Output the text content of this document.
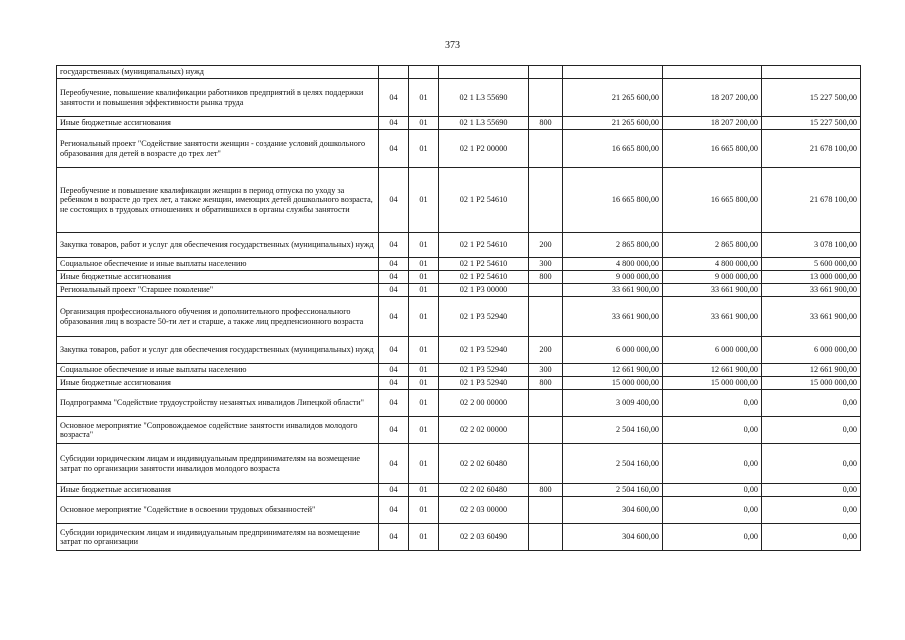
373
государственных (муниципальных) нужд							
Переобучение, повышение квалификации работников предприятий в целях поддержки занятости и повышения эффективности рынка труда	04	01	02 1 L3 55690		21 265 600,00	18 207 200,00	15 227 500,00
Иные бюджетные ассигнования	04	01	02 1 L3 55690	800	21 265 600,00	18 207 200,00	15 227 500,00
Региональный проект "Содействие занятости женщин - создание условий дошкольного образования для детей в возрасте до трех лет"	04	01	02 1 P2 00000		16 665 800,00	16 665 800,00	21 678 100,00
Переобучение и повышение квалификации женщин в период отпуска по уходу за ребенком в возрасте до трех лет, а также женщин, имеющих детей дошкольного возраста, не состоящих в трудовых отношениях и обратившихся в органы службы занятости	04	01	02 1 P2 54610		16 665 800,00	16 665 800,00	21 678 100,00
Закупка товаров, работ и услуг для обеспечения государственных (муниципальных) нужд	04	01	02 1 P2 54610	200	2 865 800,00	2 865 800,00	3 078 100,00
Социальное обеспечение и иные выплаты населению	04	01	02 1 P2 54610	300	4 800 000,00	4 800 000,00	5 600 000,00
Иные бюджетные ассигнования	04	01	02 1 P2 54610	800	9 000 000,00	9 000 000,00	13 000 000,00
Региональный проект "Старшее поколение"	04	01	02 1 P3 00000		33 661 900,00	33 661 900,00	33 661 900,00
Организация профессионального обучения и дополнительного профессионального образования лиц в возрасте 50-ти лет и старше, а также лиц предпенсионного возраста	04	01	02 1 P3 52940		33 661 900,00	33 661 900,00	33 661 900,00
Закупка товаров, работ и услуг для обеспечения государственных (муниципальных) нужд	04	01	02 1 P3 52940	200	6 000 000,00	6 000 000,00	6 000 000,00
Социальное обеспечение и иные выплаты населению	04	01	02 1 P3 52940	300	12 661 900,00	12 661 900,00	12 661 900,00
Иные бюджетные ассигнования	04	01	02 1 P3 52940	800	15 000 000,00	15 000 000,00	15 000 000,00
Подпрограмма "Содействие трудоустройству незанятых инвалидов Липецкой области"	04	01	02 2 00 00000		3 009 400,00	0,00	0,00
Основное мероприятие "Сопровождаемое содействие занятости инвалидов молодого возраста"	04	01	02 2 02 00000		2 504 160,00	0,00	0,00
Субсидии юридическим лицам и индивидуальным предпринимателям на возмещение затрат по организации занятости инвалидов молодого возраста	04	01	02 2 02 60480		2 504 160,00	0,00	0,00
Иные бюджетные ассигнования	04	01	02 2 02 60480	800	2 504 160,00	0,00	0,00
Основное мероприятие "Содействие в освоении трудовых обязанностей"	04	01	02 2 03 00000		304 600,00	0,00	0,00
Субсидии юридическим лицам и индивидуальным предпринимателям на возмещение затрат по организации	04	01	02 2 03 60490		304 600,00	0,00	0,00
